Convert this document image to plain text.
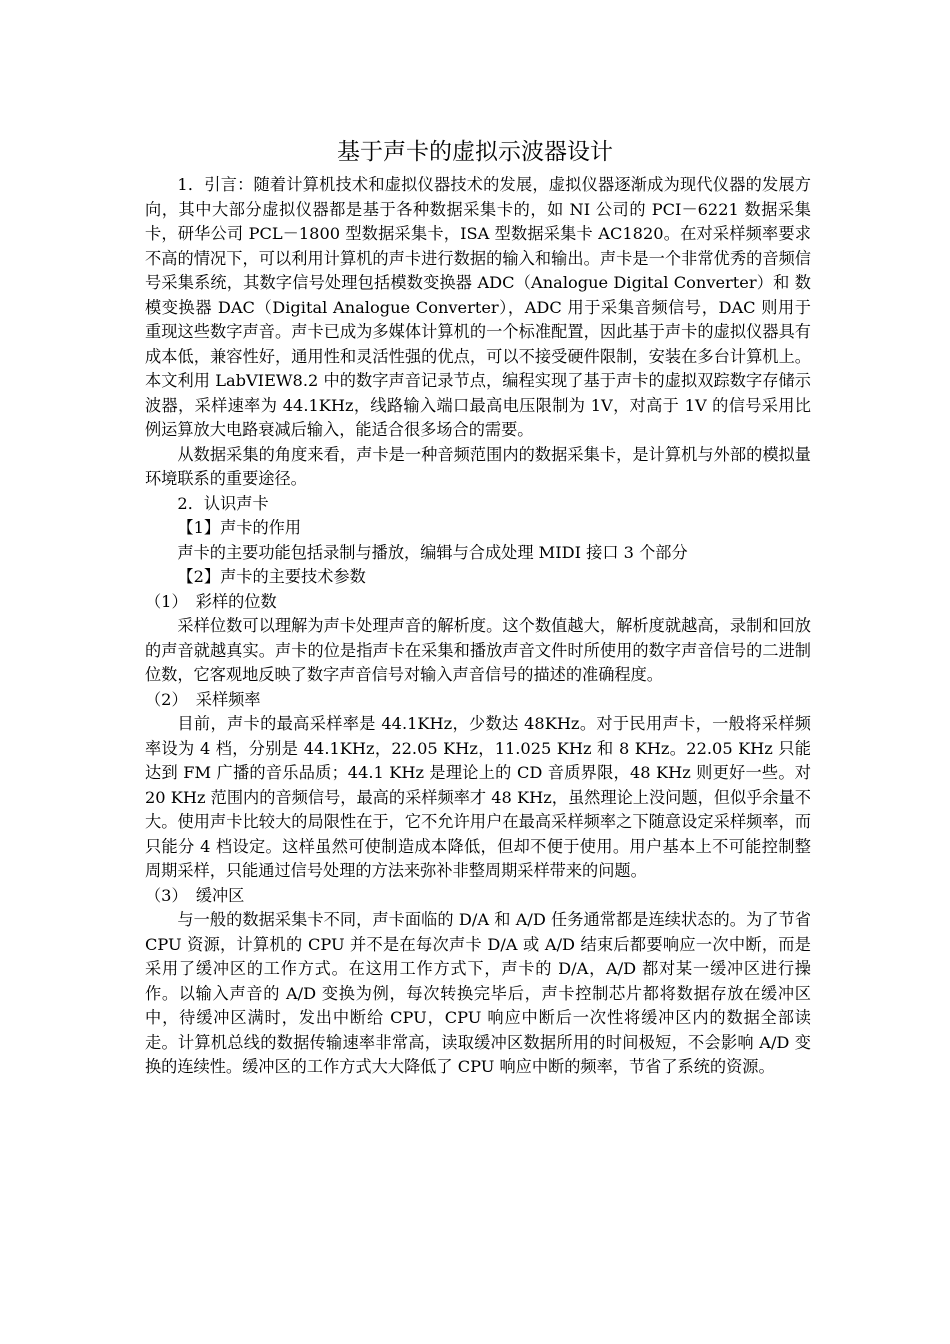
基于声卡的虚拟示波器设计

1．引言：随着计算机技术和虚拟仪器技术的发展，虚拟仪器逐渐成为现代仪器的发展方向，其中大部分虚拟仪器都是基于各种数据采集卡的，如 NI 公司的 PCI－6221 数据采集卡，研华公司 PCL－1800 型数据采集卡，ISA 型数据采集卡 AC1820。在对采样频率要求不高的情况下，可以利用计算机的声卡进行数据的输入和输出。声卡是一个非常优秀的音频信号采集系统，其数字信号处理包括模数变换器 ADC（Analogue Digital Converter）和 数模变换器 DAC（Digital Analogue Converter），ADC 用于采集音频信号，DAC 则用于重现这些数字声音。声卡已成为多媒体计算机的一个标准配置，因此基于声卡的虚拟仪器具有成本低，兼容性好，通用性和灵活性强的优点，可以不接受硬件限制，安装在多台计算机上。本文利用 LabVIEW8.2 中的数字声音记录节点，编程实现了基于声卡的虚拟双踪数字存储示波器，采样速率为 44.1KHz，线路输入端口最高电压限制为 1V，对高于 1V 的信号采用比例运算放大电路衰减后输入，能适合很多场合的需要。

从数据采集的角度来看，声卡是一种音频范围内的数据采集卡，是计算机与外部的模拟量环境联系的重要途径。

2．认识声卡

【1】声卡的作用

声卡的主要功能包括录制与播放，编辑与合成处理 MIDI 接口 3 个部分

【2】声卡的主要技术参数

（1）　彩样的位数

采样位数可以理解为声卡处理声音的解析度。这个数值越大，解析度就越高，录制和回放的声音就越真实。声卡的位是指声卡在采集和播放声音文件时所使用的数字声音信号的二进制位数，它客观地反映了数字声音信号对输入声音信号的描述的准确程度。

（2）　采样频率

目前，声卡的最高采样率是 44.1KHz，少数达 48KHz。对于民用声卡，一般将采样频率设为 4 档，分别是 44.1KHz，22.05 KHz，11.025 KHz 和 8 KHz。22.05 KHz 只能达到 FM 广播的音乐品质；44.1 KHz 是理论上的 CD 音质界限，48 KHz 则更好一些。对 20 KHz 范围内的音频信号，最高的采样频率才 48 KHz，虽然理论上没问题，但似乎余量不大。使用声卡比较大的局限性在于，它不允许用户在最高采样频率之下随意设定采样频率，而只能分 4 档设定。这样虽然可使制造成本降低，但却不便于使用。用户基本上不可能控制整周期采样，只能通过信号处理的方法来弥补非整周期采样带来的问题。

（3）　缓冲区

与一般的数据采集卡不同，声卡面临的 D/A 和 A/D 任务通常都是连续状态的。为了节省 CPU 资源，计算机的 CPU 并不是在每次声卡 D/A 或 A/D 结束后都要响应一次中断，而是采用了缓冲区的工作方式。在这用工作方式下，声卡的 D/A，A/D 都对某一缓冲区进行操作。以输入声音的 A/D 变换为例，每次转换完毕后，声卡控制芯片都将数据存放在缓冲区中，待缓冲区满时，发出中断给 CPU，CPU 响应中断后一次性将缓冲区内的数据全部读走。计算机总线的数据传输速率非常高，读取缓冲区数据所用的时间极短，不会影响 A/D 变换的连续性。缓冲区的工作方式大大降低了 CPU 响应中断的频率，节省了系统的资源。
